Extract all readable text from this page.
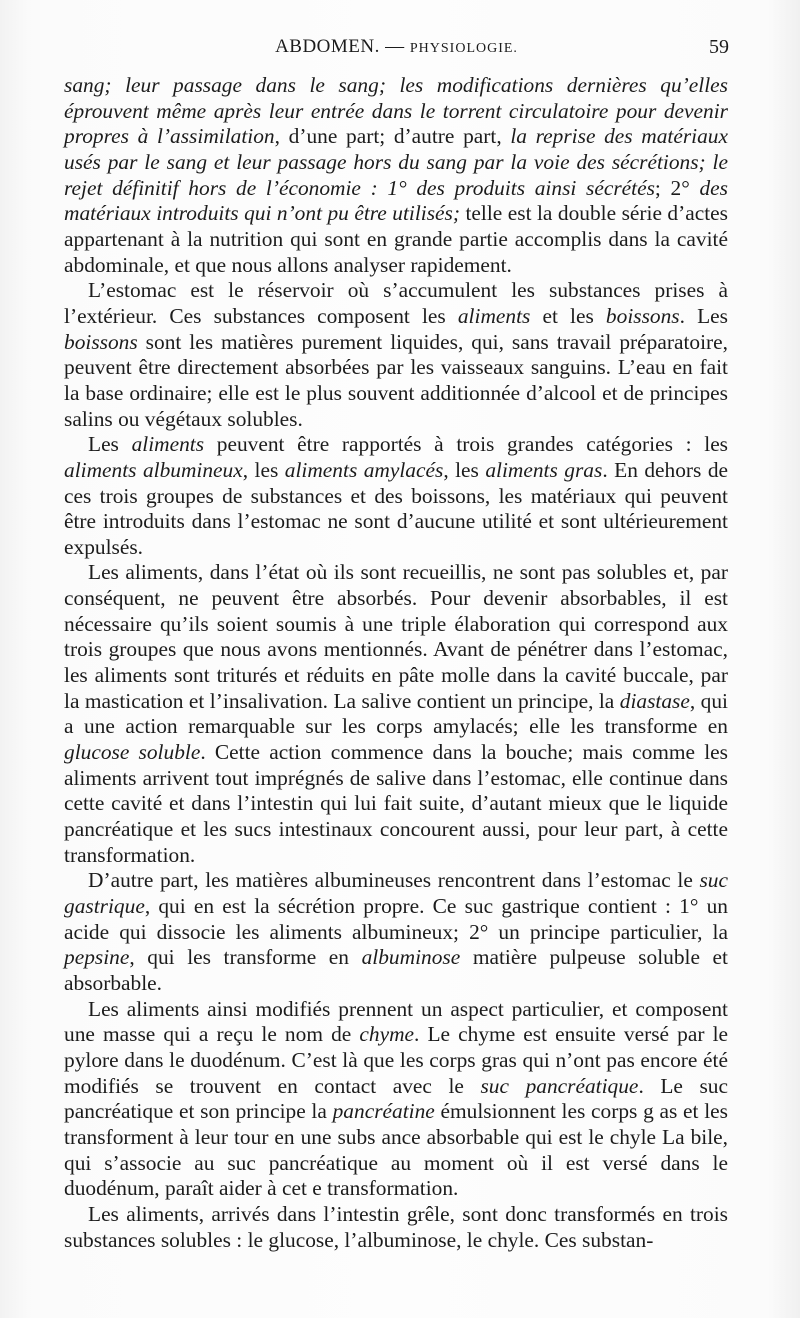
ABDOMEN. — PHYSIOLOGIE.	59

sang; leur passage dans le sang; les modifications dernières qu’elles éprouvent même après leur entrée dans le torrent circulatoire pour devenir propres à l’assimilation, d’une part; d’autre part, la reprise des matériaux usés par le sang et leur passage hors du sang par la voie des sécrétions; le rejet définitif hors de l’économie : 1° des produits ainsi sécrétés; 2° des matériaux introduits qui n’ont pu être utilisés; telle est la double série d’actes appartenant à la nutrition qui sont en grande partie accomplis dans la cavité abdominale, et que nous allons analyser rapidement.

L’estomac est le réservoir où s’accumulent les substances prises à l’extérieur. Ces substances composent les aliments et les boissons. Les boissons sont les matières purement liquides, qui, sans travail préparatoire, peuvent être directement absorbées par les vaisseaux sanguins. L’eau en fait la base ordinaire; elle est le plus souvent additionnée d’alcool et de principes salins ou végétaux solubles.

Les aliments peuvent être rapportés à trois grandes catégories : les aliments albumineux, les aliments amylacés, les aliments gras. En dehors de ces trois groupes de substances et des boissons, les matériaux qui peuvent être introduits dans l’estomac ne sont d’aucune utilité et sont ultérieurement expulsés.

Les aliments, dans l’état où ils sont recueillis, ne sont pas solubles et, par conséquent, ne peuvent être absorbés. Pour devenir absorbables, il est nécessaire qu’ils soient soumis à une triple élaboration qui correspond aux trois groupes que nous avons mentionnés. Avant de pénétrer dans l’estomac, les aliments sont triturés et réduits en pâte molle dans la cavité buccale, par la mastication et l’insalivation. La salive contient un principe, la diastase, qui a une action remarquable sur les corps amylacés; elle les transforme en glucose soluble. Cette action commence dans la bouche; mais comme les aliments arrivent tout imprégnés de salive dans l’estomac, elle continue dans cette cavité et dans l’intestin qui lui fait suite, d’autant mieux que le liquide pancréatique et les sucs intestinaux concourent aussi, pour leur part, à cette transformation.

D’autre part, les matières albumineuses rencontrent dans l’estomac le suc gastrique, qui en est la sécrétion propre. Ce suc gastrique contient : 1° un acide qui dissocie les aliments albumineux; 2° un principe particulier, la pepsine, qui les transforme en albuminose matière pulpeuse soluble et absorbable.

Les aliments ainsi modifiés prennent un aspect particulier, et composent une masse qui a reçu le nom de chyme. Le chyme est ensuite versé par le pylore dans le duodénum. C’est là que les corps gras qui n’ont pas encore été modifiés se trouvent en contact avec le suc pancréatique. Le suc pancréatique et son principe la pancréatine émulsionnent les corps g as et les transforment à leur tour en une subs ance absorbable qui est le chyle La bile, qui s’associe au suc pancréatique au moment où il est versé dans le duodénum, paraît aider à cet e transformation.

Les aliments, arrivés dans l’intestin grêle, sont donc transformés en trois substances solubles : le glucose, l’albuminose, le chyle. Ces substan-
